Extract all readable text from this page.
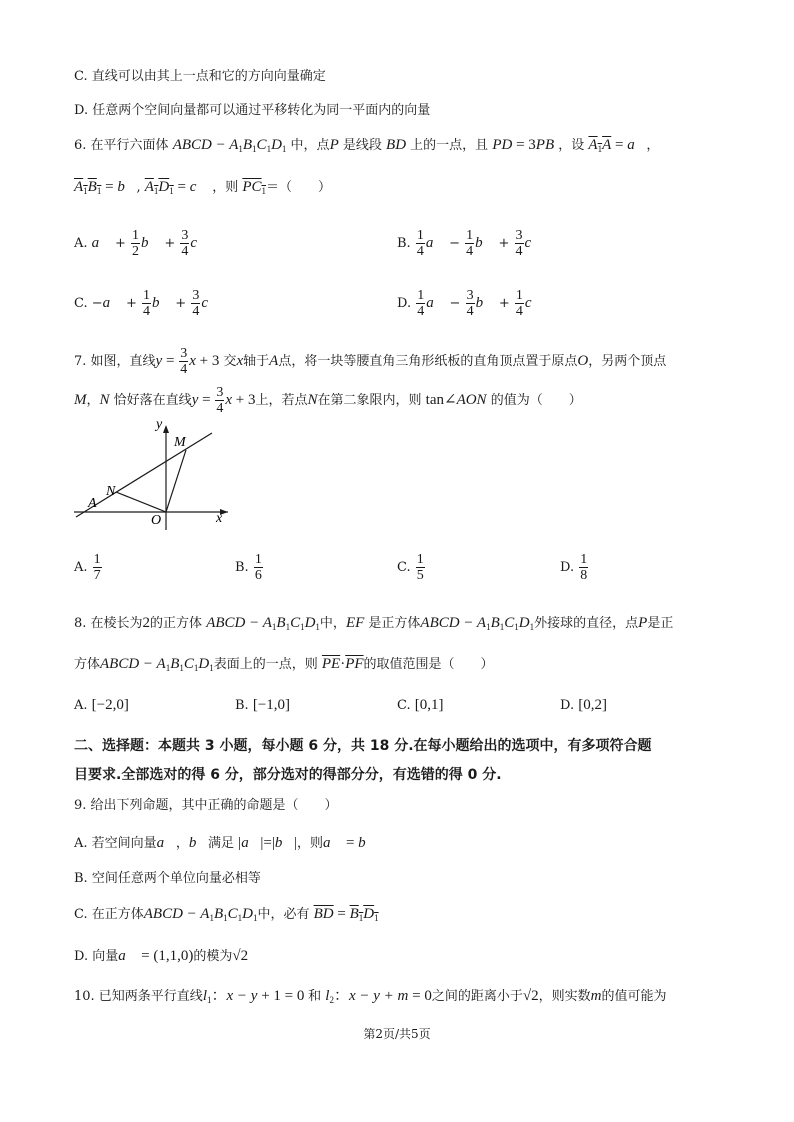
C. 直线可以由其上一点和它的方向向量确定
D. 任意两个空间向量都可以通过平移转化为同一平面内的向量
6. 在平行六面体 ABCD − $A_1B_1C_1D_1$ 中，点P 是线段 BD 上的一点，且 PD = 3PB ，设 $A_1A$ = a⃗，
$A_1B_1$ = b⃗, $A_1D_1$ = c⃗ ，则 $PC_1=$（　　）
A. a⃗ + $\frac{1}{2}$ b⃗ + $\frac{3}{4}$ c⃗	B. $\frac{1}{4}$ a⃗ − $\frac{1}{4}$ b⃗ + $\frac{3}{4}$ c⃗
C. −a⃗ + $\frac{1}{4}$ b⃗ + $\frac{3}{4}$ c⃗	D. $\frac{1}{4}$ a⃗ − $\frac{3}{4}$ b⃗ + $\frac{1}{4}$ c⃗
7. 如图，直线$y = \frac{3}{4}$ x + 3 交x轴于A点，将一块等腰直角三角形纸板的直角顶点置于原点O，另两个顶点
M，N 恰好落在直线$y = \frac{3}{4}$ x + 3上，若点N在第二象限内，则 tan∠AON 的值为（　　）
y
x
M
N
A
O
A. $\frac{1}{7}$	B. $\frac{1}{6}$	C. $\frac{1}{5}$	D. $\frac{1}{8}$
8. 在棱长为2的正方体 ABCD − $A_1B_1C_1D_1$中，EF 是正方体ABCD − $A_1B_1C_1D_1$外接球的直径，点P是正
方体ABCD − $A_1B_1C_1D_1$表面上的一点，则 $\overline{PE}\cdot\overline{PF}$的取值范围是（　　）
A. [−2,0]	B. [−1,0]	C. [0,1]	D. [0,2]
二、选择题：本题共 3 小题，每小题 6 分，共 18 分.在每小题给出的选项中，有多项符合题
目要求.全部选对的得 6 分，部分选对的得部分分，有选错的得 0 分.
9. 给出下列命题，其中正确的命题是（　　）
A. 若空间向量a⃗，b⃗满足 |a⃗|=|b⃗|，则a⃗ = b⃗
B. 空间任意两个单位向量必相等
C. 在正方体ABCD − $A_1B_1C_1D_1$中，必有 $\overline{BD} = B_1D_1$
D. 向量a⃗ = (1,1,0)的模为√2
10. 已知两条平行直线$l_1$：x − y + 1 = 0 和 $l_2$：x − y + m = 0之间的距离小于√2，则实数m的值可能为
第2页/共5页
